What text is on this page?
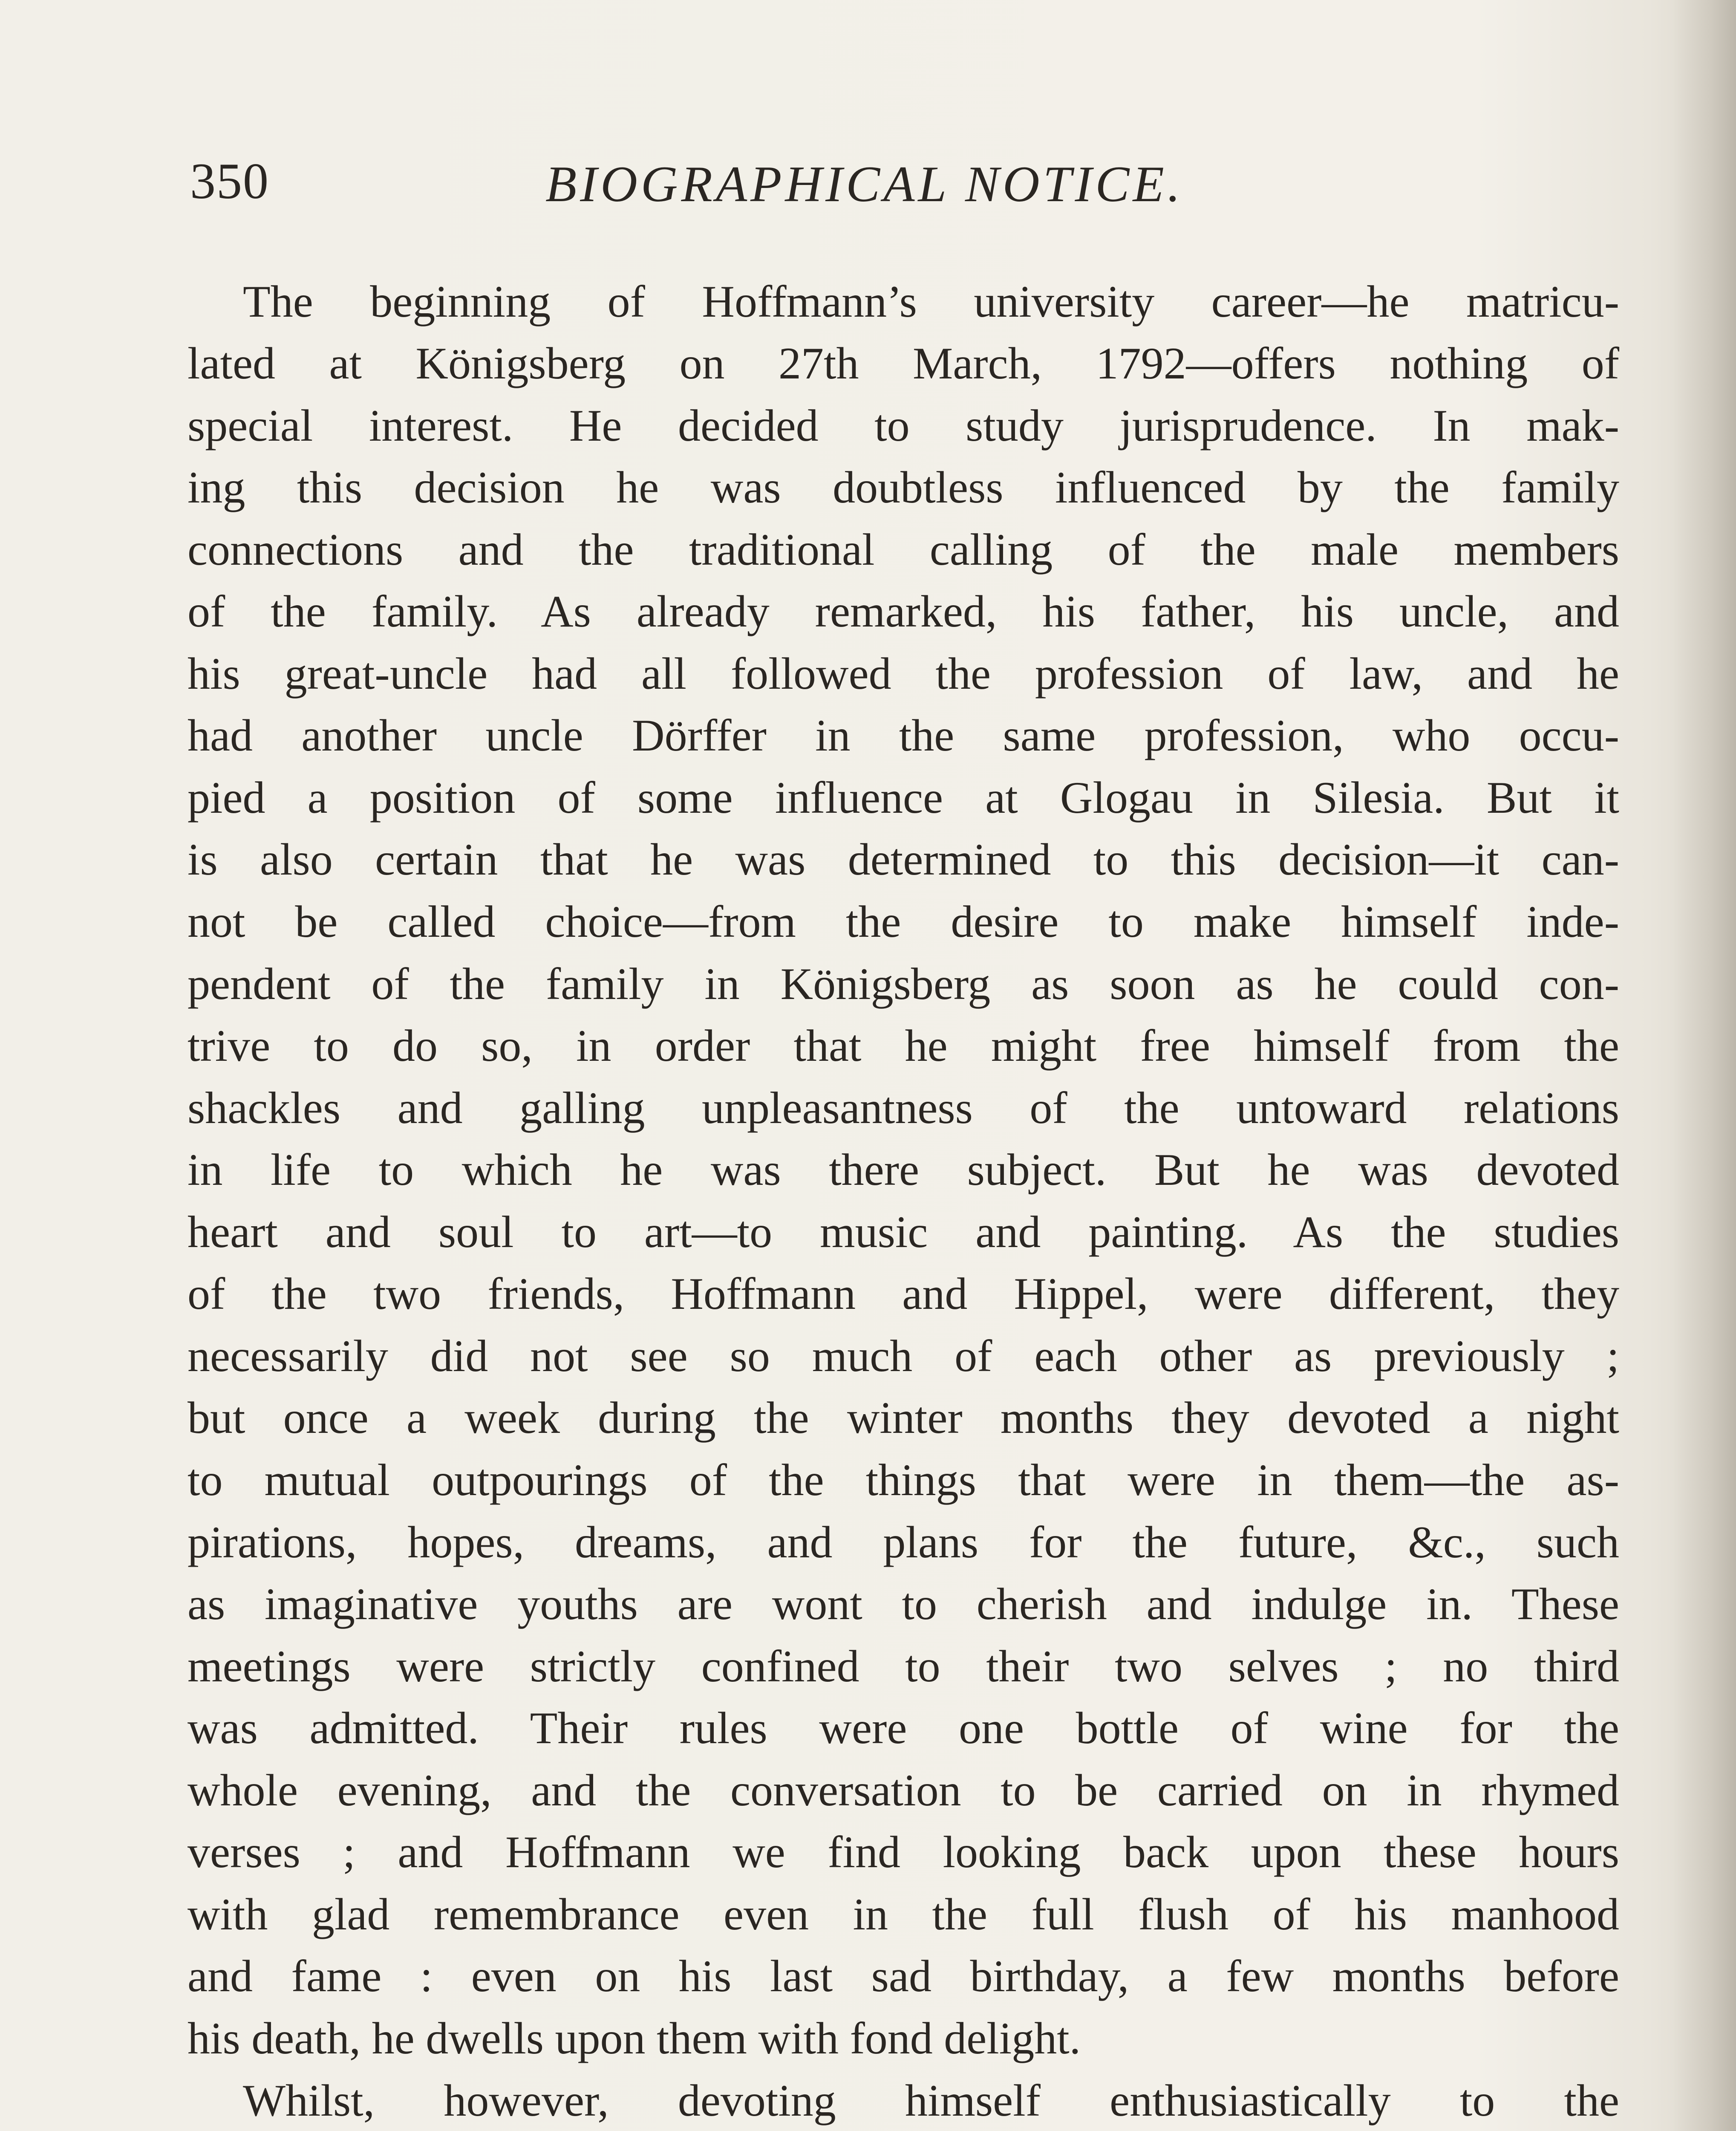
350	BIOGRAPHICAL NOTICE.
The beginning of Hoffmann’s university career—he matricu-
lated at Königsberg on 27th March, 1792—offers nothing of
special interest. He decided to study jurisprudence. In mak-
ing this decision he was doubtless influenced by the family
connections and the traditional calling of the male members
of the family. As already remarked, his father, his uncle, and
his great-uncle had all followed the profession of law, and he
had another uncle Dörffer in the same profession, who occu-
pied a position of some influence at Glogau in Silesia. But it
is also certain that he was determined to this decision—it can-
not be called choice—from the desire to make himself inde-
pendent of the family in Königsberg as soon as he could con-
trive to do so, in order that he might free himself from the
shackles and galling unpleasantness of the untoward relations
in life to which he was there subject. But he was devoted
heart and soul to art—to music and painting. As the studies
of the two friends, Hoffmann and Hippel, were different, they
necessarily did not see so much of each other as previously ;
but once a week during the winter months they devoted a night
to mutual outpourings of the things that were in them—the as-
pirations, hopes, dreams, and plans for the future, &c., such
as imaginative youths are wont to cherish and indulge in. These
meetings were strictly confined to their two selves ; no third
was admitted. Their rules were one bottle of wine for the
whole evening, and the conversation to be carried on in rhymed
verses ; and Hoffmann we find looking back upon these hours
with glad remembrance even in the full flush of his manhood
and fame : even on his last sad birthday, a few months before
his death, he dwells upon them with fond delight.
Whilst, however, devoting himself enthusiastically to the
